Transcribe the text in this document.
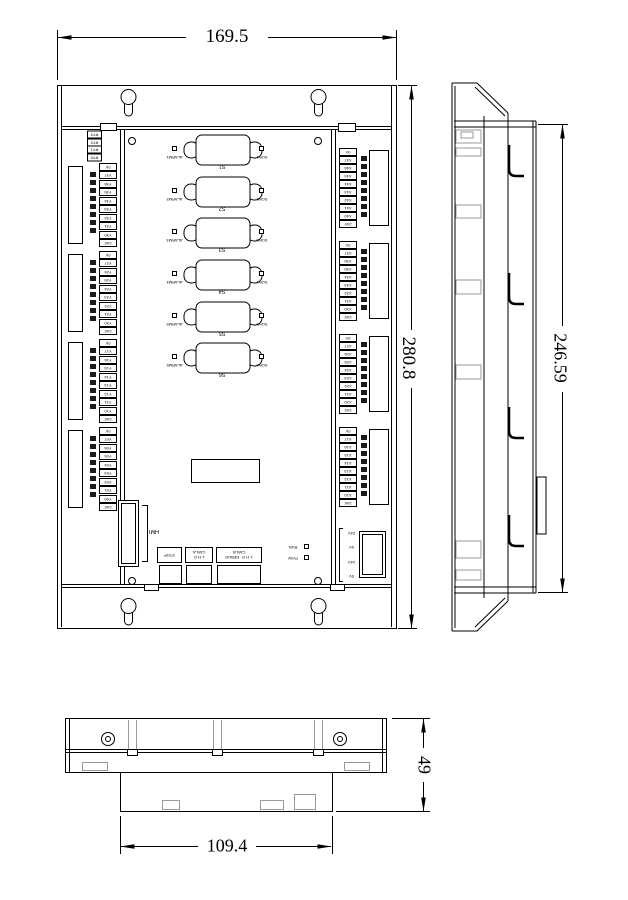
169.5
280.8	246.59
49
109.4
RY3
RY2
RY1
RY0
0V
Y37
Y36
Y35
Y34
Y33
Y32
Y31
Y30
24V
0V
Y27
Y26
Y25
Y24
Y23
Y22
Y21
Y20
24V
0V
Y17
Y16
Y15
Y14
Y13
Y12
Y11
Y10
24V
0V
Y07
Y06
Y05
Y04
Y03
Y02
Y01
Y00
24V
0V
X47
X46
X45
X44
X43
X42
X41
X40
24V
0V
X37
X36
X35
X34
X33
X32
X31
X30
24V
0V
X27
X26
X25
X24
X23
X22
X21
X20
24V
0V
X17
X16
X15
X14
X13
X12
X11
X10
24V
ALARM1	SON1
S1
ALARM2	SON2
S2
ALARM3	SON3
S3
ALARM4	SON4
S4
ALARM5	SON5
S5
ALARM6	SON6
S6
HMI
STOP	CAN-A
L H G
CAN-B
DEBUG L H G
RUN
POW
24V
0V
24V
0V
